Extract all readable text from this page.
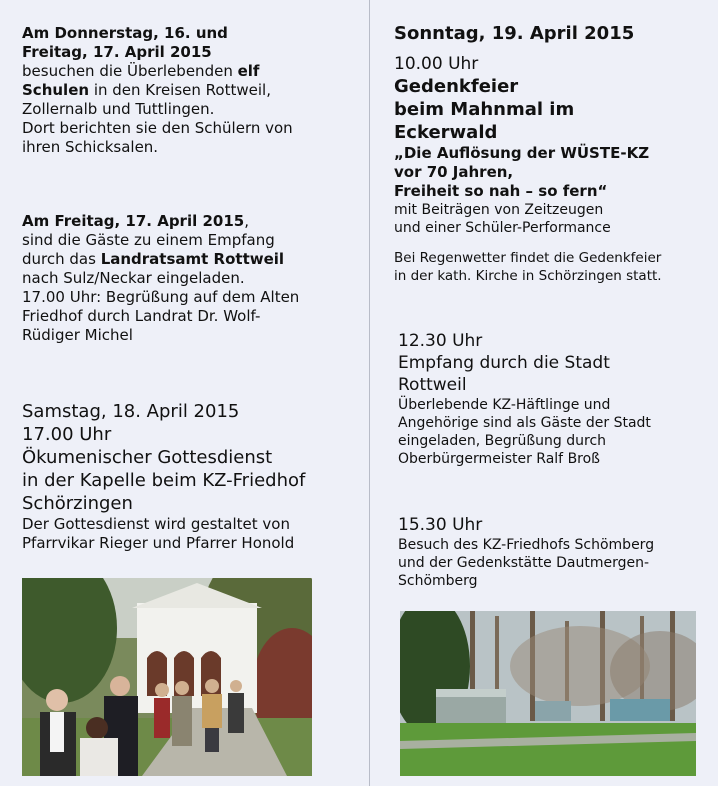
Am Donnerstag, 16. und

Freitag, 17. April 2015

besuchen die Überlebenden elf

Schulen in den Kreisen Rottweil,

Zollernalb und Tuttlingen.

Dort berichten sie den Schülern von

ihren Schicksalen.

Am Freitag, 17. April 2015,

sind die Gäste zu einem Empfang

durch das Landratsamt Rottweil

nach Sulz/Neckar eingeladen.

17.00 Uhr: Begrüßung auf dem Alten

Friedhof durch Landrat Dr. Wolf-

Rüdiger Michel

Samstag, 18. April 2015

17.00 Uhr

Ökumenischer Gottesdienst

in der Kapelle beim KZ-Friedhof

Schörzingen

Der Gottesdienst wird gestaltet von

Pfarrvikar Rieger und Pfarrer Honold

Sonntag, 19. April 2015

10.00 Uhr

Gedenkfeier

beim Mahnmal im

Eckerwald

„Die Auflösung der WÜSTE-KZ

vor 70 Jahren,

Freiheit so nah – so fern“

mit Beiträgen von Zeitzeugen

und einer Schüler-Performance

Bei Regenwetter findet die Gedenkfeier

in der kath. Kirche in Schörzingen statt.

12.30 Uhr

Empfang durch die Stadt

Rottweil

Überlebende KZ-Häftlinge und

Angehörige sind als Gäste der Stadt

eingeladen, Begrüßung durch

Oberbürgermeister Ralf Broß

15.30 Uhr

Besuch des KZ-Friedhofs Schömberg

und der Gedenkstätte Dautmergen-

Schömberg
